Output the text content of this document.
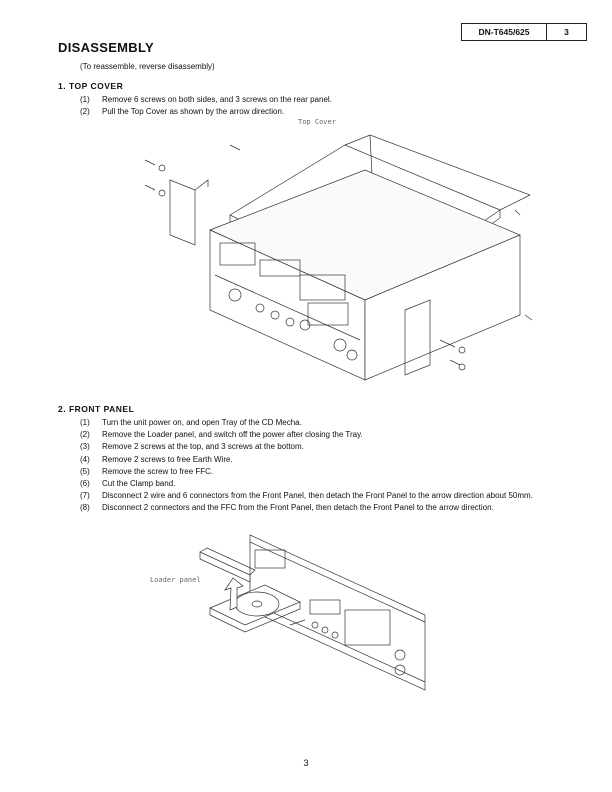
DN-T645/625	3
DISASSEMBLY
(To reassemble, reverse disassembly)
1. TOP COVER
(1)	Remove 6 screws on both sides, and 3 screws on the rear panel.
(2)	Pull the Top Cover as shown by the arrow direction.
Top Cover
2. FRONT PANEL
(1)	Turn the unit power on, and open Tray of the CD Mecha.
(2)	Remove the Loader panel, and switch off the power after closing the Tray.
(3)	Remove 2 screws at the top, and 3 screws at the bottom.
(4)	Remove 2 screws to free Earth Wire.
(5)	Remove the screw to free FFC.
(6)	Cut the Clamp band.
(7)	Disconnect 2 wire and 6 connectors from the Front Panel, then detach the Front Panel to the arrow direction about 50mm.
(8)	Disconnect 2 connectors and the FFC from the Front Panel, then detach the Front Panel to the arrow direction.
Loader panel
3
